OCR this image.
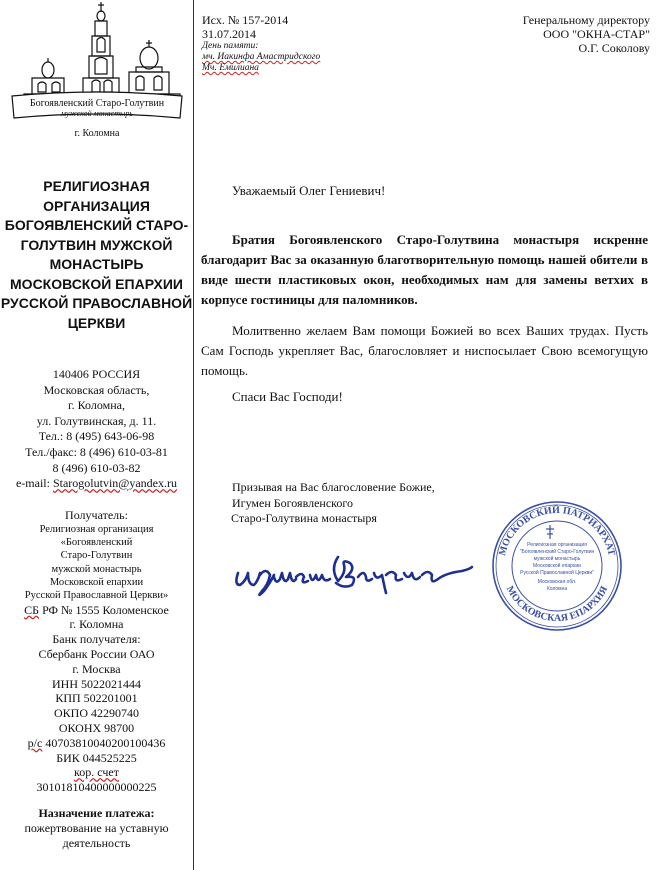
Богоявленский Старо-Голутвин
мужской монастырь
г. Коломна
РЕЛИГИОЗНАЯ
ОРГАНИЗАЦИЯ
БОГОЯВЛЕНСКИЙ СТАРО-
ГОЛУТВИН МУЖСКОЙ
МОНАСТЫРЬ
МОСКОВСКОЙ ЕПАРХИИ
РУССКОЙ ПРАВОСЛАВНОЙ
ЦЕРКВИ
140406 РОССИЯ
Московская область,
г. Коломна,
ул. Голутвинская, д. 11.
Тел.: 8 (495) 643-06-98
Тел./факс: 8 (496) 610-03-81
8 (496) 610-03-82
e-mail: Starogolutvin@yandex.ru
Получатель:
Религиозная организация
«Богоявленский
Старо-Голутвин
мужской монастырь
Московской епархии
Русской Православной Церкви»
СБ РФ № 1555 Коломенское
г. Коломна
Банк получателя:
Сбербанк России ОАО
г. Москва
ИНН 5022021444
КПП 502201001
ОКПО 42290740
ОКОНХ 98700
р/с 40703810040200100436
БИК 044525225
кор. счет
30101810400000000225
Назначение платежа:
пожертвование на уставную
деятельность
Исх. № 157-2014
31.07.2014
День памяти:
мч. Иакинфа Амастридского
Мч. Емилиана
Генеральному директору
ООО "ОКНА-СТАР"
О.Г. Соколову
Уважаемый Олег Гениевич!

Братия Богоявленского Старо-Голутвина монастыря искренне благодарит Вас за оказанную благотворительную помощь нашей обители в виде шести пластиковых окон, необходимых нам для замены ветхих в корпусе гостиницы для паломников.

Молитвенно желаем Вам помощи Божией во всех Ваших трудах. Пусть Сам Господь укрепляет Вас, благословляет и ниспосылает Свою всемогущую помощь.

Спаси Вас Господи!

Призывая на Вас благословение Божие,
Игумен Богоявленского
Старо-Голутвина монастыря
МОСКОВСКИЙ ПАТРИАРХАТ
МОСКОВСКАЯ ЕПАРХИЯ
Религиозная организация
"Богоявленский Старо-Голутвин
мужской монастырь
Московской епархии
Русской Православной Церкви"
Московская обл.
Коломна
